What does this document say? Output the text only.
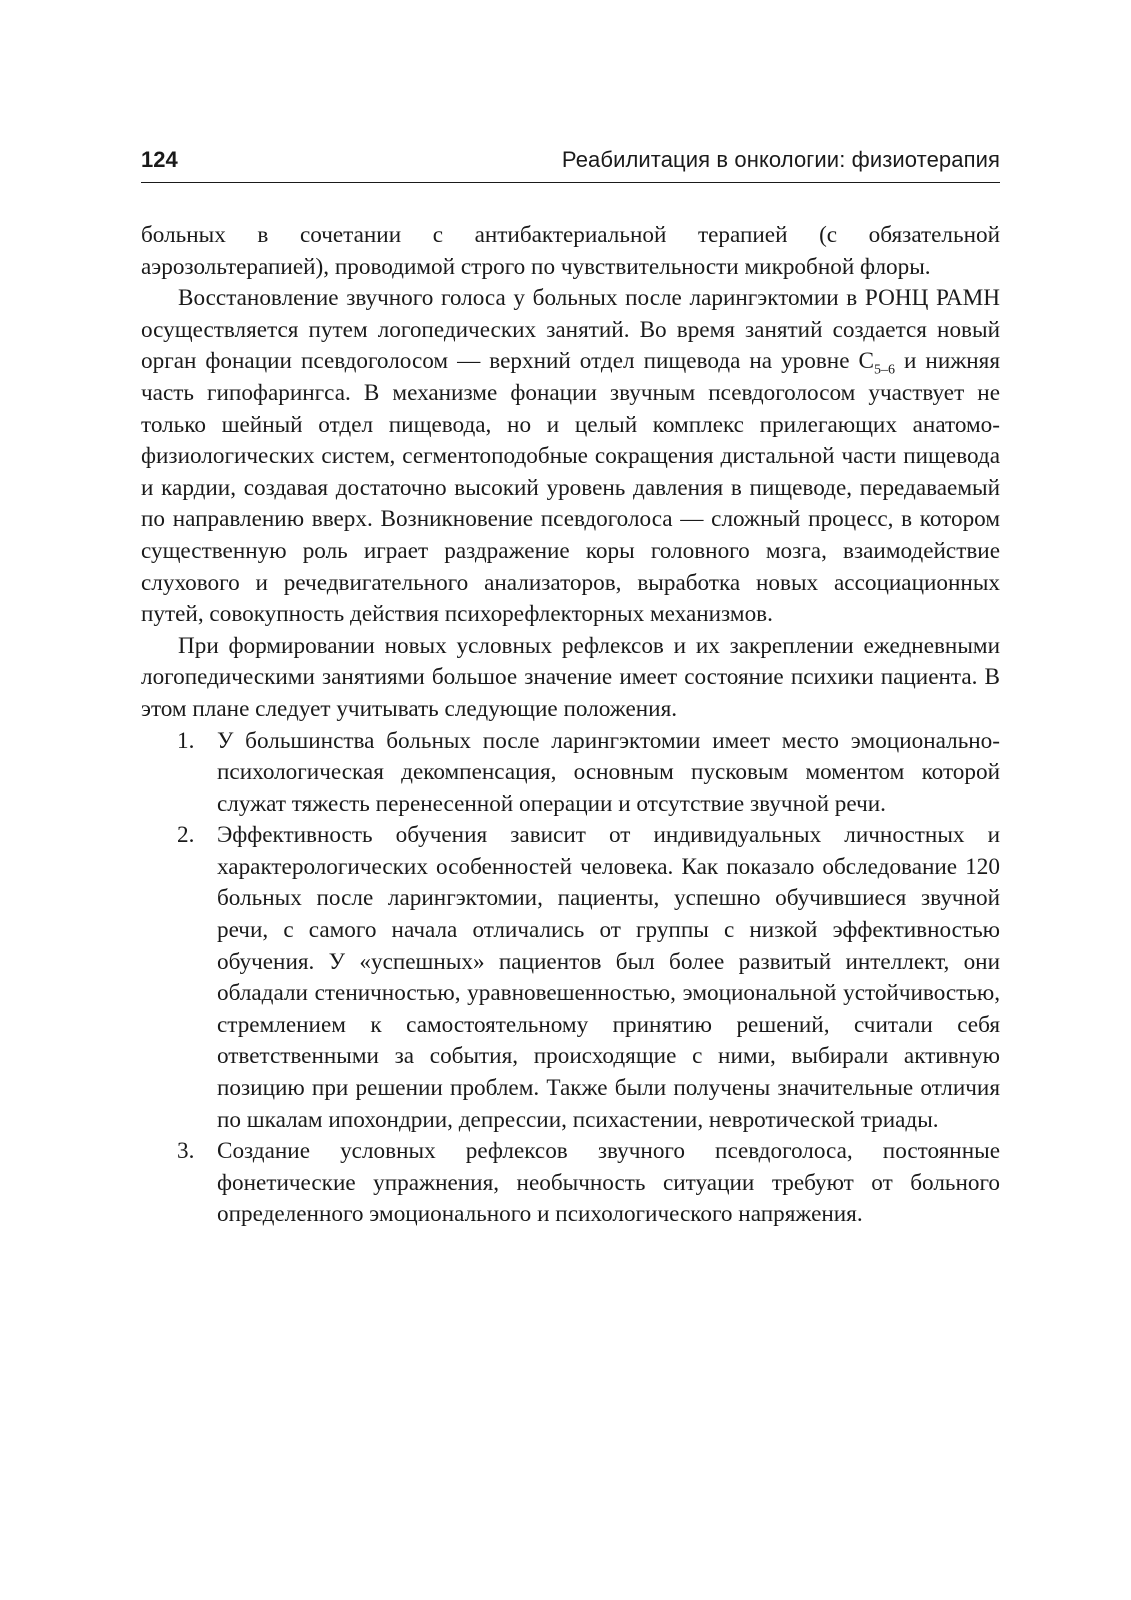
124	Реабилитация в онкологии: физиотерапия

больных в сочетании с антибактериальной терапией (с обязательной аэрозольтерапией), проводимой строго по чувствительности микробной флоры.

Восстановление звучного голоса у больных после ларингэктомии в РОНЦ РАМН осуществляется путем логопедических занятий. Во время занятий создается новый орган фонации псевдоголосом — верхний отдел пищевода на уровне $С_{5-6}$ и нижняя часть гипофарингса. В механизме фонации звучным псевдоголосом участвует не только шейный отдел пищевода, но и целый комплекс прилегающих анатомо-физиологических систем, сегментоподобные сокращения дистальной части пищевода и кардии, создавая достаточно высокий уровень давления в пищеводе, передаваемый по направлению вверх. Возникновение псевдоголоса — сложный процесс, в котором существенную роль играет раздражение коры головного мозга, взаимодействие слухового и речедвигательного анализаторов, выработка новых ассоциационных путей, совокупность действия психорефлекторных механизмов.

При формировании новых условных рефлексов и их закреплении ежедневными логопедическими занятиями большое значение имеет состояние психики пациента. В этом плане следует учитывать следующие положения.

1. У большинства больных после ларингэктомии имеет место эмоционально-психологическая декомпенсация, основным пусковым моментом которой служат тяжесть перенесенной операции и отсутствие звучной речи.
2. Эффективность обучения зависит от индивидуальных личностных и характерологических особенностей человека. Как показало обследование 120 больных после ларингэктомии, пациенты, успешно обучившиеся звучной речи, с самого начала отличались от группы с низкой эффективностью обучения. У «успешных» пациентов был более развитый интеллект, они обладали стеничностью, уравновешенностью, эмоциональной устойчивостью, стремлением к самостоятельному принятию решений, считали себя ответственными за события, происходящие с ними, выбирали активную позицию при решении проблем. Также были получены значительные отличия по шкалам ипохондрии, депрессии, психастении, невротической триады.
3. Создание условных рефлексов звучного псевдоголоса, постоянные фонетические упражнения, необычность ситуации требуют от больного определенного эмоционального и психологического напряжения.
